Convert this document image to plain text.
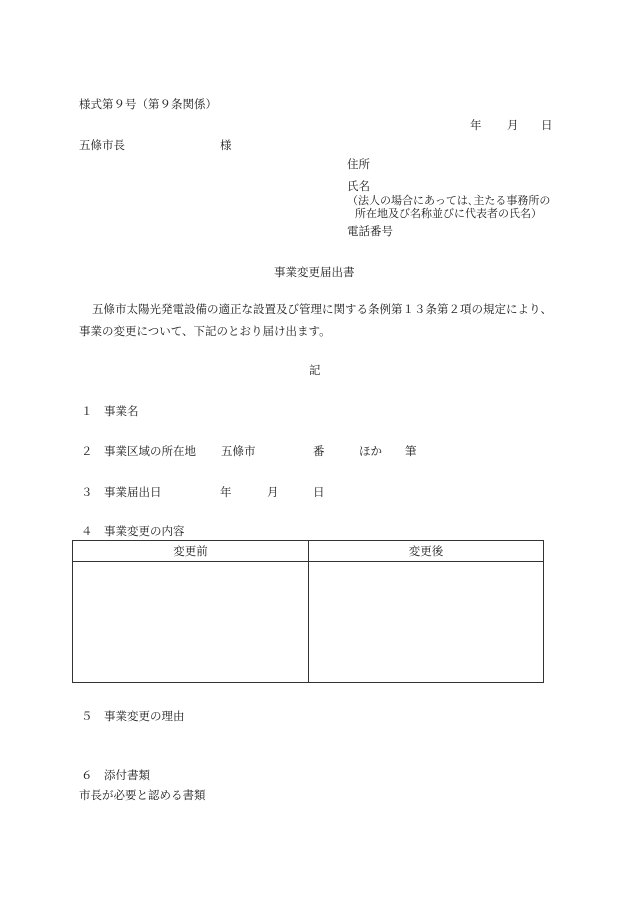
様式第９号（第９条関係）
年 月 日
五條市長	様
住所
氏名
（法人の場合にあっては､主たる事務所の
所在地及び名称並びに代表者の氏名）
電話番号
事業変更届出書
五條市太陽光発電設備の適正な設置及び管理に関する条例第１３条第２項の規定により、
事業の変更について、下記のとおり届け出ます。
記
１ 事業名
２ 事業区域の所在地 五條市	番	ほか 筆
３ 事業届出日	年	月	日
４ 事業変更の内容
変更前	変更後
５ 事業変更の理由
６ 添付書類
市長が必要と認める書類
